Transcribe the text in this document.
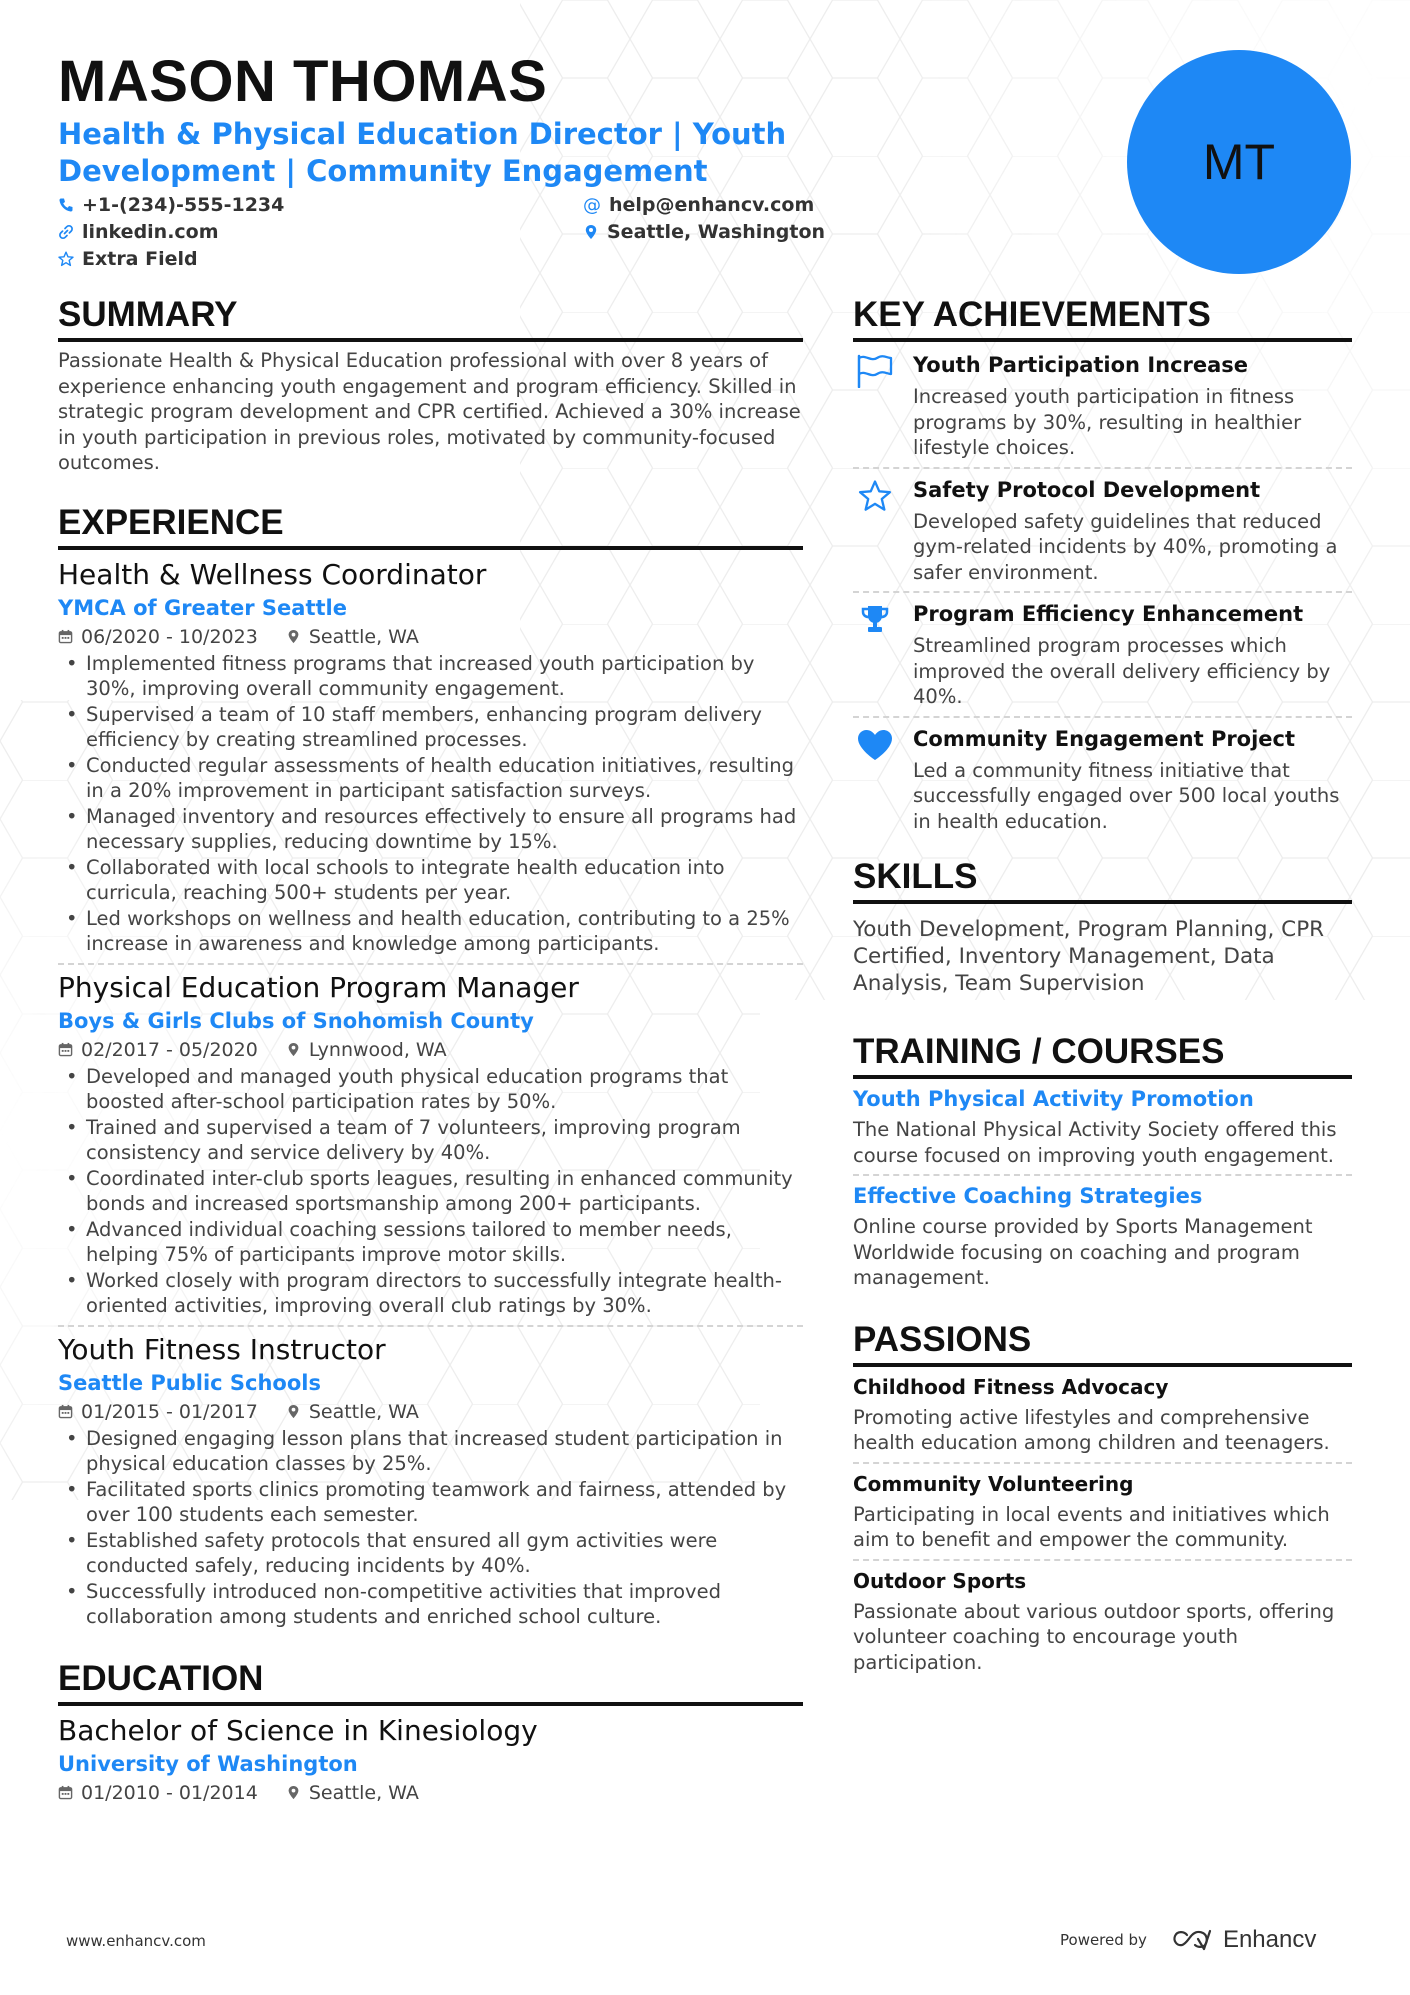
MASON THOMAS
Health & Physical Education Director | Youth Development | Community Engagement
+1-(234)-555-1234	@ help@enhancv.com
linkedin.com	Seattle, Washington
Extra Field
MT
SUMMARY
Passionate Health & Physical Education professional with over 8 years of experience enhancing youth engagement and program efficiency. Skilled in strategic program development and CPR certified. Achieved a 30% increase in youth participation in previous roles, motivated by community-focused outcomes.
EXPERIENCE
Health & Wellness Coordinator
YMCA of Greater Seattle
06/2020 - 10/2023	Seattle, WA
• Implemented fitness programs that increased youth participation by 30%, improving overall community engagement.
• Supervised a team of 10 staff members, enhancing program delivery efficiency by creating streamlined processes.
• Conducted regular assessments of health education initiatives, resulting in a 20% improvement in participant satisfaction surveys.
• Managed inventory and resources effectively to ensure all programs had necessary supplies, reducing downtime by 15%.
• Collaborated with local schools to integrate health education into curricula, reaching 500+ students per year.
• Led workshops on wellness and health education, contributing to a 25% increase in awareness and knowledge among participants.
Physical Education Program Manager
Boys & Girls Clubs of Snohomish County
02/2017 - 05/2020	Lynnwood, WA
• Developed and managed youth physical education programs that boosted after-school participation rates by 50%.
• Trained and supervised a team of 7 volunteers, improving program consistency and service delivery by 40%.
• Coordinated inter-club sports leagues, resulting in enhanced community bonds and increased sportsmanship among 200+ participants.
• Advanced individual coaching sessions tailored to member needs, helping 75% of participants improve motor skills.
• Worked closely with program directors to successfully integrate health-oriented activities, improving overall club ratings by 30%.
Youth Fitness Instructor
Seattle Public Schools
01/2015 - 01/2017	Seattle, WA
• Designed engaging lesson plans that increased student participation in physical education classes by 25%.
• Facilitated sports clinics promoting teamwork and fairness, attended by over 100 students each semester.
• Established safety protocols that ensured all gym activities were conducted safely, reducing incidents by 40%.
• Successfully introduced non-competitive activities that improved collaboration among students and enriched school culture.
EDUCATION
Bachelor of Science in Kinesiology
University of Washington
01/2010 - 01/2014	Seattle, WA
KEY ACHIEVEMENTS
Youth Participation Increase
Increased youth participation in fitness programs by 30%, resulting in healthier lifestyle choices.
Safety Protocol Development
Developed safety guidelines that reduced gym-related incidents by 40%, promoting a safer environment.
Program Efficiency Enhancement
Streamlined program processes which improved the overall delivery efficiency by 40%.
Community Engagement Project
Led a community fitness initiative that successfully engaged over 500 local youths in health education.
SKILLS
Youth Development, Program Planning, CPR Certified, Inventory Management, Data Analysis, Team Supervision
TRAINING / COURSES
Youth Physical Activity Promotion
The National Physical Activity Society offered this course focused on improving youth engagement.
Effective Coaching Strategies
Online course provided by Sports Management Worldwide focusing on coaching and program management.
PASSIONS
Childhood Fitness Advocacy
Promoting active lifestyles and comprehensive health education among children and teenagers.
Community Volunteering
Participating in local events and initiatives which aim to benefit and empower the community.
Outdoor Sports
Passionate about various outdoor sports, offering volunteer coaching to encourage youth participation.
www.enhancv.com	Powered by	Enhancv
